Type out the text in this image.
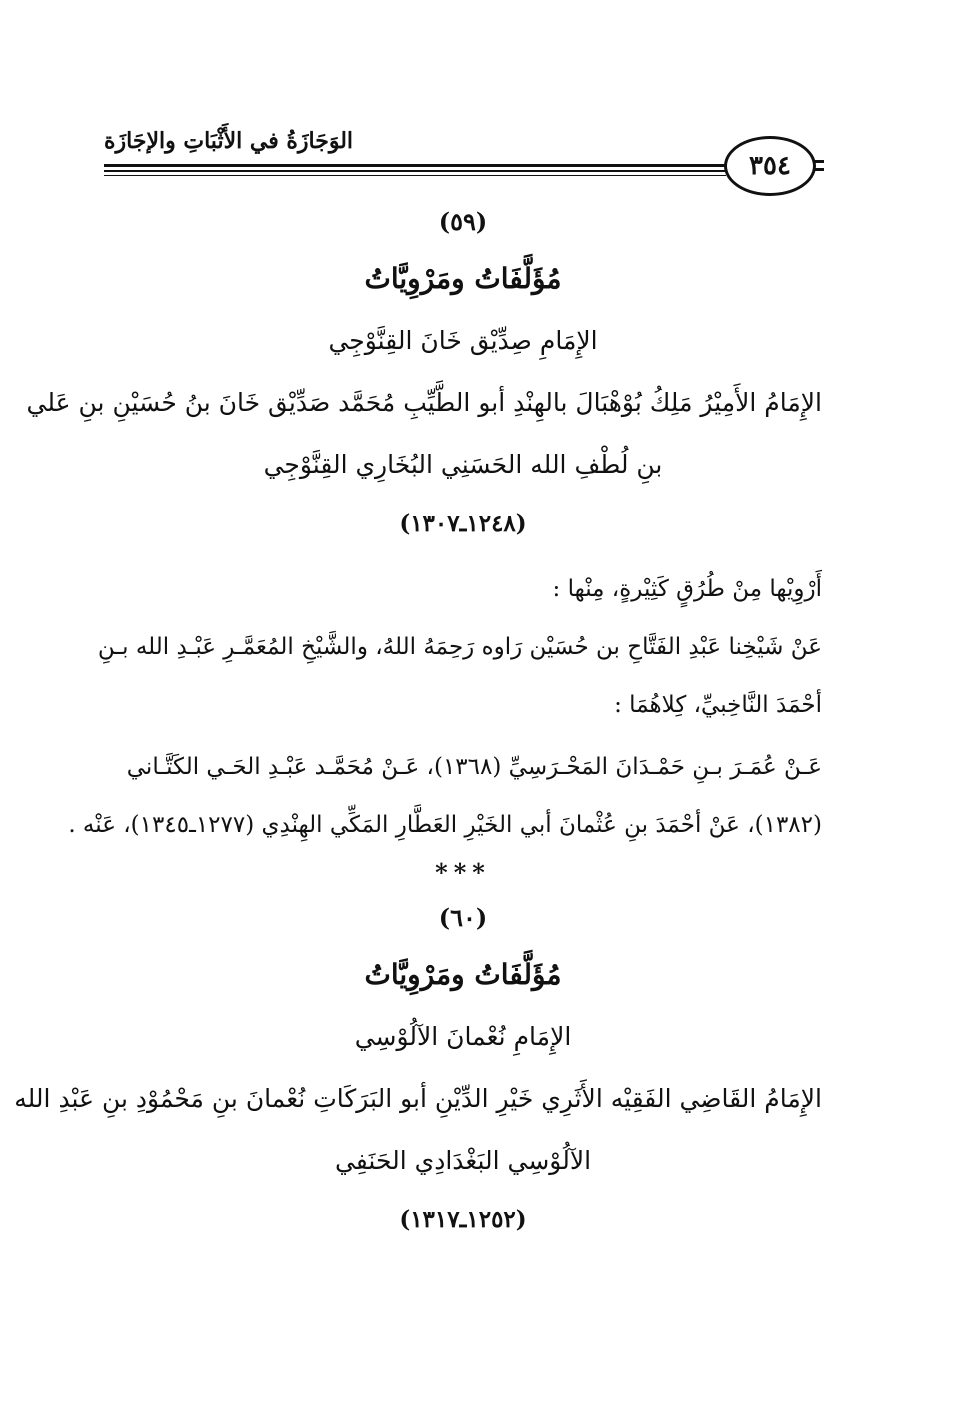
الوَجَازَةُ في الأَثْبَاتِ والإجَازَة
٣٥٤

(٥٩)

مُؤَلَّفَاتُ ومَرْوِيَّاتُ

الإِمَامِ صِدِّيْق خَانَ القِنَّوْجِي

الإِمَامُ الأَمِيْرُ مَلِكُ بُوْهْبَالَ بالهِنْدِ أبو الطَّيِّبِ مُحَمَّد صَدِّيْق خَانَ بنُ حُسَيْنِ بنِ عَلي

بنِ لُطْفِ الله الحَسَنِي البُخَارِي القِنَّوْجِي

(١٢٤٨ـ١٣٠٧)

أَرْوِيْها مِنْ طُرُقٍ كَثِيْرةٍ، مِنْها :

عَنْ شَيْخِنا عَبْدِ الفَتَّاحِ بن حُسَيْن رَاوه رَحِمَهُ اللهُ، والشَّيْخِ المُعَمَّـرِ عَبْـدِ الله بـنِ

أحْمَدَ النَّاخِبيِّ، كِلاهُمَا :

عَـنْ عُمَـرَ بـنِ حَمْـدَانَ المَحْـرَسِيِّ (١٣٦٨)، عَـنْ مُحَمَّـد عَبْـدِ الحَـي الكَتَّـاني

(١٣٨٢)، عَنْ أحْمَدَ بنِ عُثْمانَ أبي الخَيْرِ العَطَّارِ المَكِّي الهِنْدِي (١٢٧٧ـ١٣٤٥)، عَنْه .

***

(٦٠)

مُؤَلَّفَاتُ ومَرْوِيَّاتُ

الإِمَامِ نُعْمانَ الآلُوْسِي

الإِمَامُ القَاضِي الفَقِيْه الأَثَرِي خَيْرِ الدِّيْنِ أبو البَرَكَاتِ نُعْمانَ بنِ مَحْمُوْدِ بنِ عَبْدِ الله

الآلُوْسِي البَغْدَادِي الحَنَفِي

(١٢٥٢ـ١٣١٧)
